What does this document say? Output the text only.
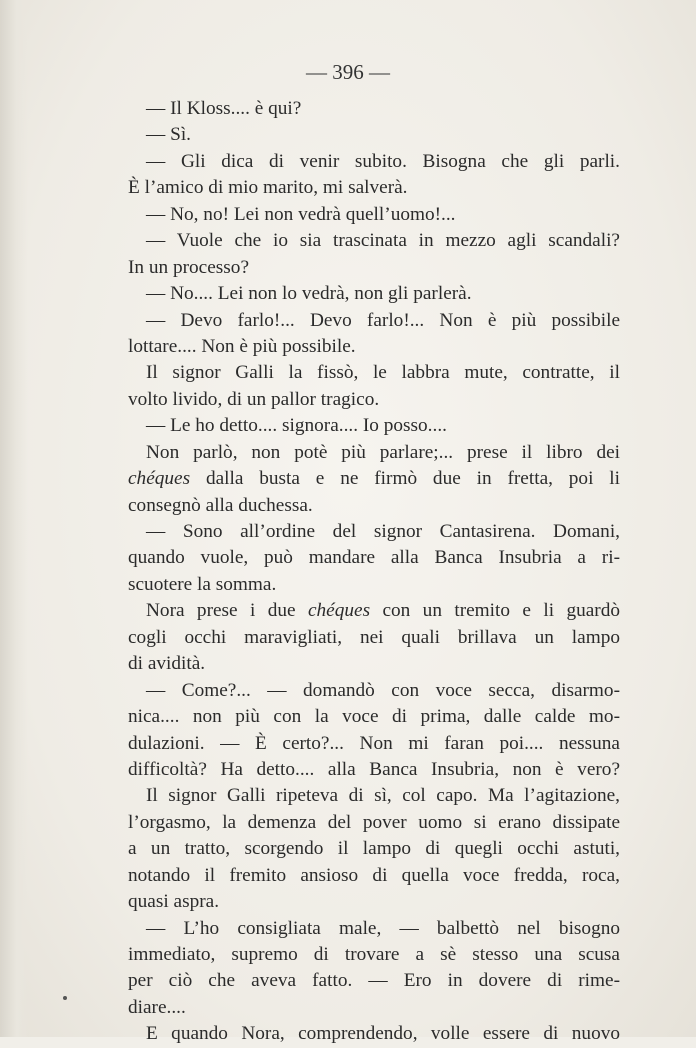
— 396 —
— Il Kloss.... è qui?
— Sì.
— Gli dica di venir subito. Bisogna che gli parli.
È l’amico di mio marito, mi salverà.
— No, no! Lei non vedrà quell’uomo!...
— Vuole che io sia trascinata in mezzo agli scandali?
In un processo?
— No.... Lei non lo vedrà, non gli parlerà.
— Devo farlo!... Devo farlo!... Non è più possibile
lottare.... Non è più possibile.
Il signor Galli la fissò, le labbra mute, contratte, il
volto livido, di un pallor tragico.
— Le ho detto.... signora.... Io posso....
Non parlò, non potè più parlare;... prese il libro dei
chéques dalla busta e ne firmò due in fretta, poi li
consegnò alla duchessa.
— Sono all’ordine del signor Cantasirena. Domani,
quando vuole, può mandare alla Banca Insubria a ri-
scuotere la somma.
Nora prese i due chéques con un tremito e li guardò
cogli occhi maravigliati, nei quali brillava un lampo
di avidità.
— Come?... — domandò con voce secca, disarmo-
nica.... non più con la voce di prima, dalle calde mo-
dulazioni. — È certo?... Non mi faran poi.... nessuna
difficoltà? Ha detto.... alla Banca Insubria, non è vero?
Il signor Galli ripeteva di sì, col capo. Ma l’agitazione,
l’orgasmo, la demenza del pover uomo si erano dissipate
a un tratto, scorgendo il lampo di quegli occhi astuti,
notando il fremito ansioso di quella voce fredda, roca,
quasi aspra.
— L’ho consigliata male, — balbettò nel bisogno
immediato, supremo di trovare a sè stesso una scusa
per ciò che aveva fatto. — Ero in dovere di rime-
diare....
E quando Nora, comprendendo, volle essere di nuovo
